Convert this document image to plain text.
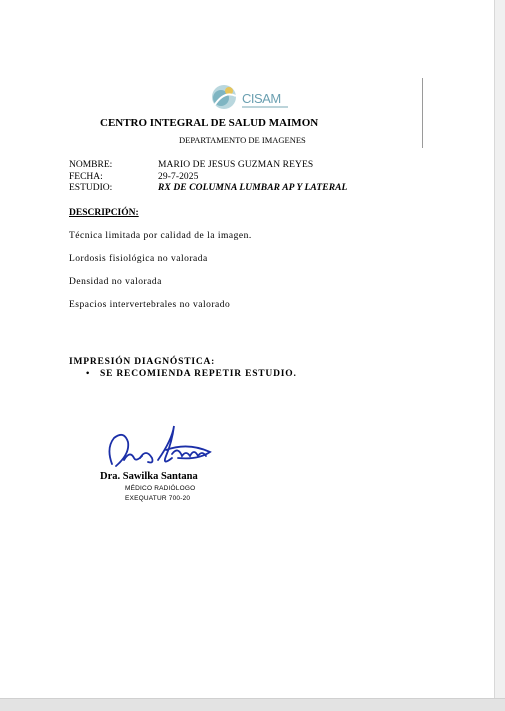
CISAM
CENTRO INTEGRAL DE SALUD MAIMON
DEPARTAMENTO DE IMAGENES
NOMBRE:	MARIO DE JESUS GUZMAN REYES
FECHA:	29-7-2025
ESTUDIO:	RX DE COLUMNA LUMBAR AP Y LATERAL
DESCRIPCIÓN:
Técnica limitada por calidad de la imagen.
Lordosis fisiológica no valorada
Densidad no valorada
Espacios intervertebrales no valorado
IMPRESIÓN DIAGNÓSTICA:
• SE RECOMIENDA REPETIR ESTUDIO.
Dra. Sawilka Santana
MÉDICO RADIÓLOGO
EXEQUATUR 700-20
